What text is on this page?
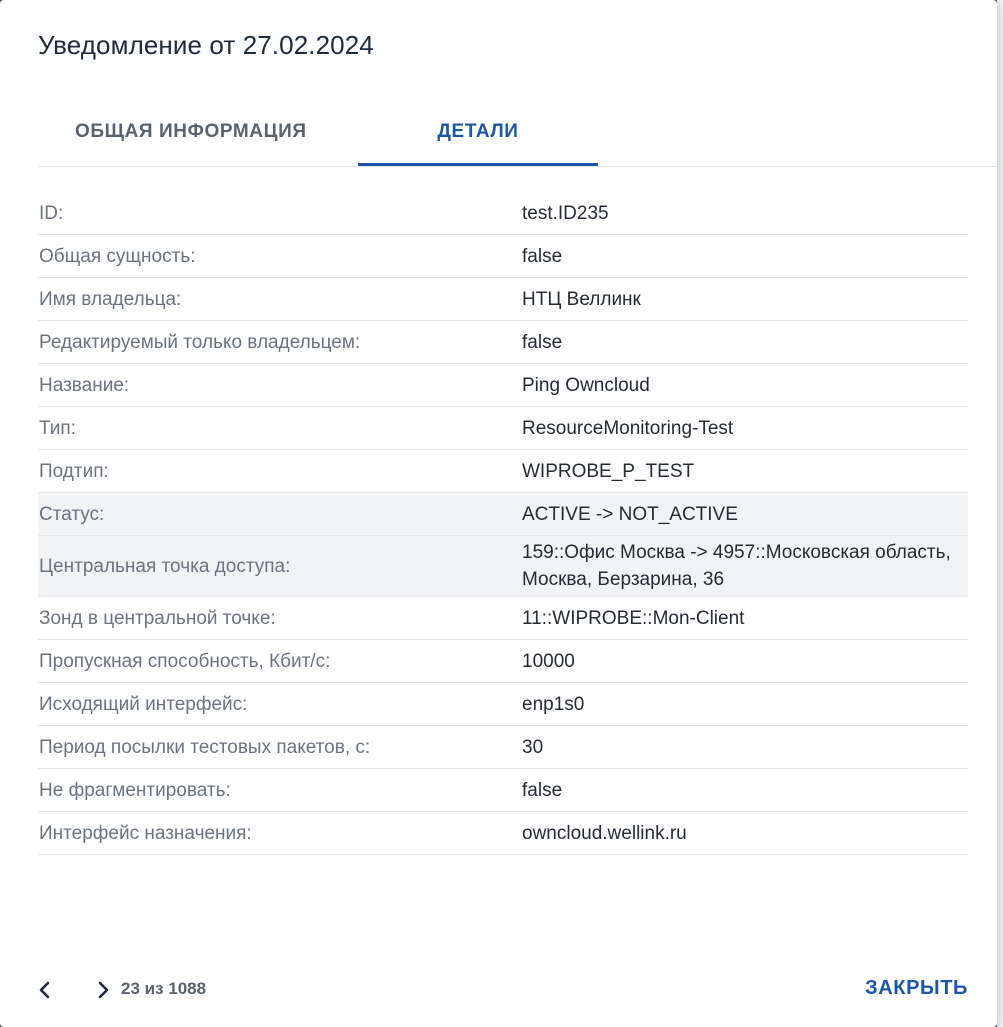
Уведомление от 27.02.2024
ОБЩАЯ ИНФОРМАЦИЯ	ДЕТАЛИ
ID:	test.ID235
Общая сущность:	false
Имя владельца:	НТЦ Веллинк
Редактируемый только владельцем:	false
Название:	Ping Owncloud
Тип:	ResourceMonitoring-Test
Подтип:	WIPROBE_P_TEST
Статус:	ACTIVE -> NOT_ACTIVE
Центральная точка доступа:	159::Офис Москва -> 4957::Московская область, Москва, Берзарина, 36
Зонд в центральной точке:	11::WIPROBE::Mon-Client
Пропускная способность, Кбит/с:	10000
Исходящий интерфейс:	enp1s0
Период посылки тестовых пакетов, с:	30
Не фрагментировать:	false
Интерфейс назначения:	owncloud.wellink.ru
23 из 1088	ЗАКРЫТЬ
